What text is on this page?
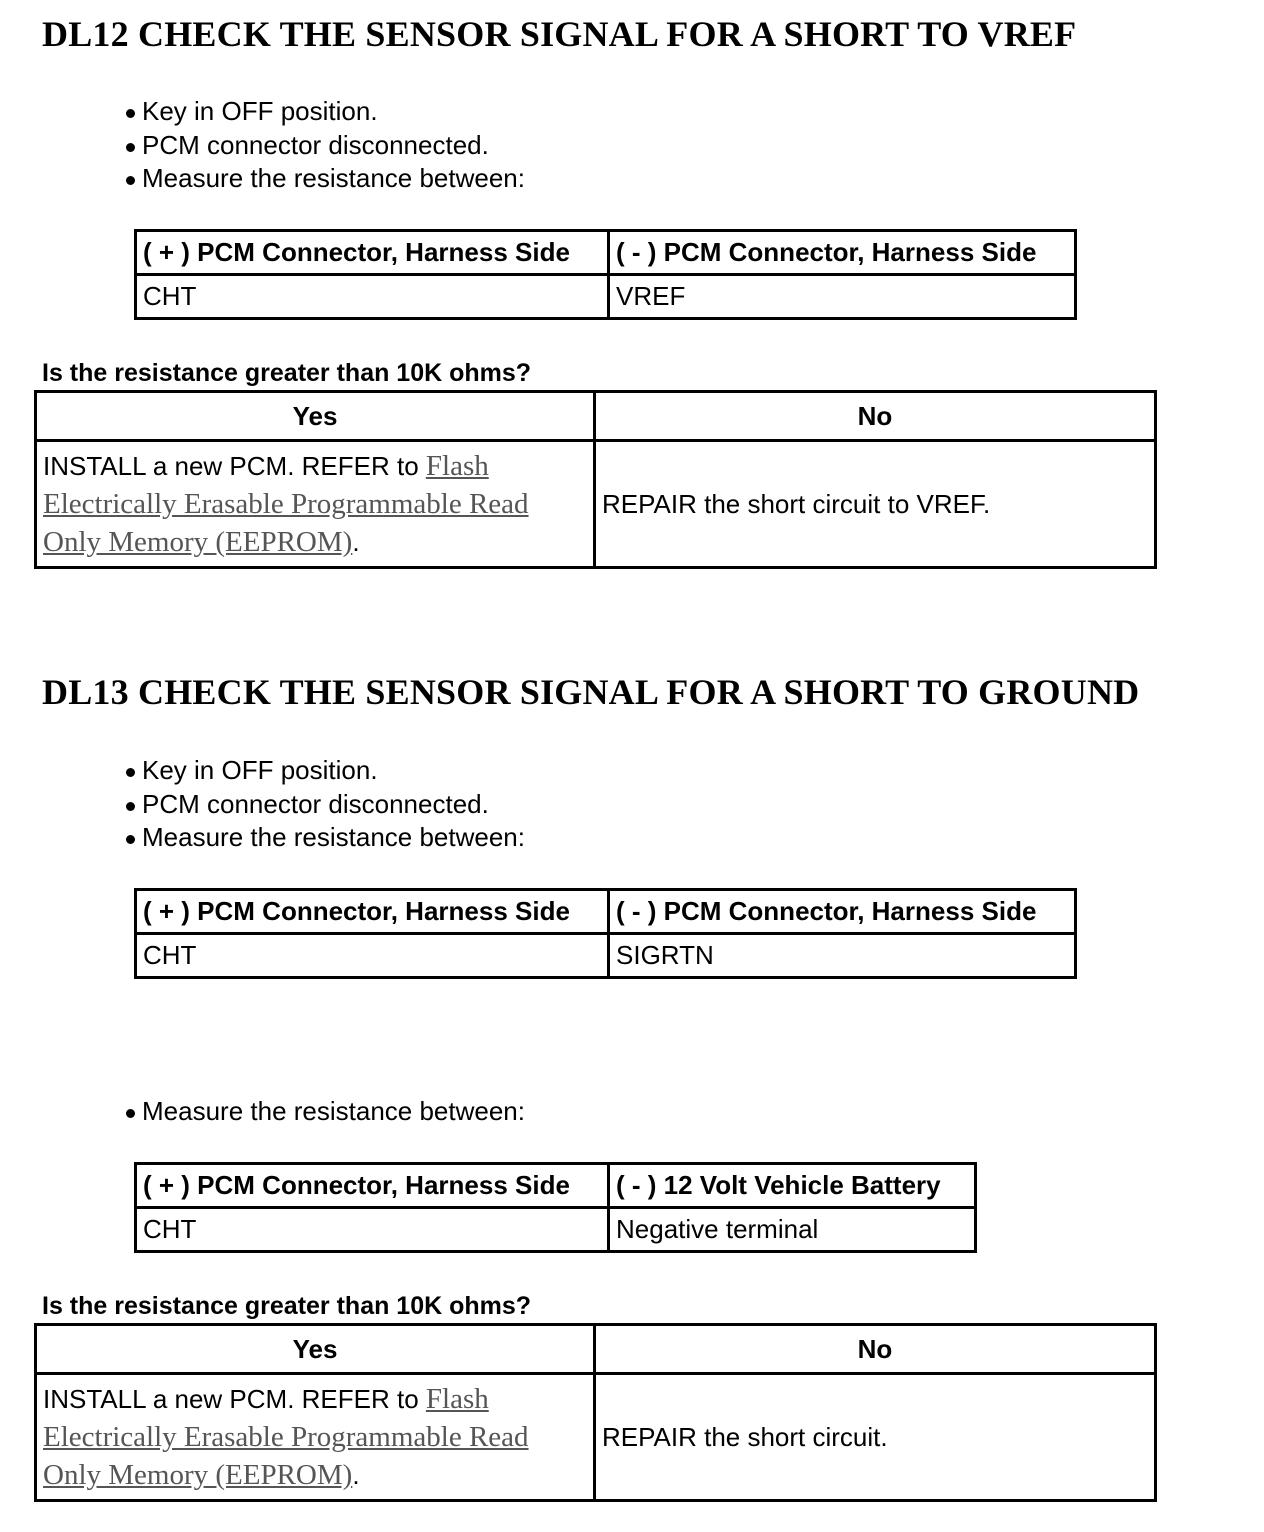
DL12 CHECK THE SENSOR SIGNAL FOR A SHORT TO VREF
Key in OFF position.
PCM connector disconnected.
Measure the resistance between:
( + ) PCM Connector, Harness Side	( - ) PCM Connector, Harness Side
CHT	VREF

Is the resistance greater than 10K ohms?

Yes	No
INSTALL a new PCM. REFER to Flash Electrically Erasable Programmable Read Only Memory (EEPROM).	REPAIR the short circuit to VREF.
DL13 CHECK THE SENSOR SIGNAL FOR A SHORT TO GROUND
Key in OFF position.
PCM connector disconnected.
Measure the resistance between:
( + ) PCM Connector, Harness Side	( - ) PCM Connector, Harness Side
CHT	SIGRTN
Measure the resistance between:
( + ) PCM Connector, Harness Side	( - ) 12 Volt Vehicle Battery
CHT	Negative terminal

Is the resistance greater than 10K ohms?

Yes	No
INSTALL a new PCM. REFER to Flash Electrically Erasable Programmable Read Only Memory (EEPROM).	REPAIR the short circuit.
